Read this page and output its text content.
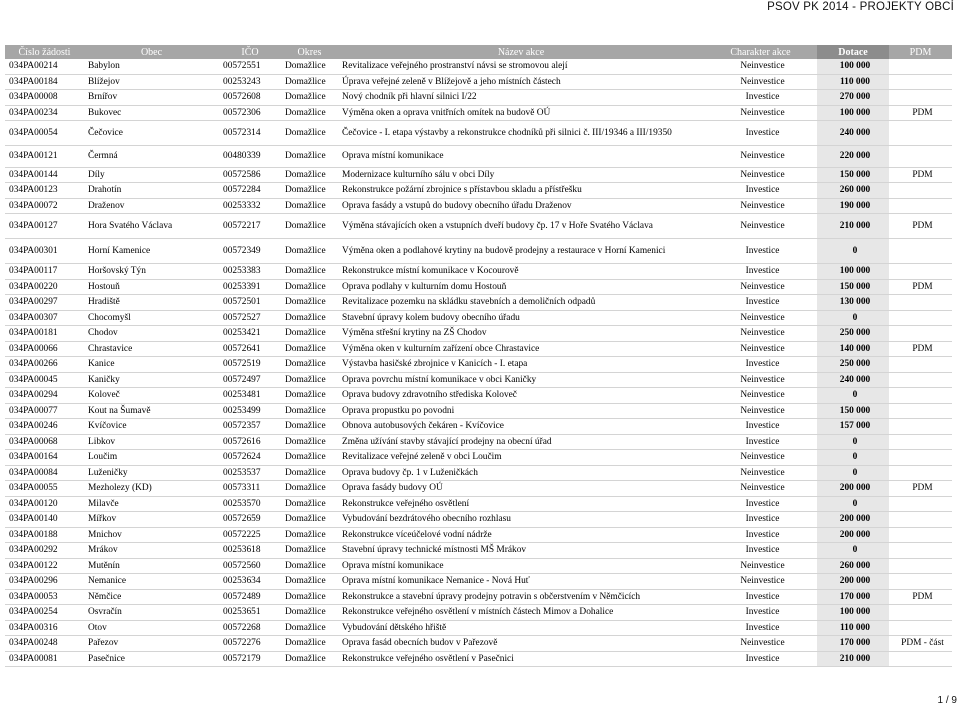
PSOV PK 2014 - PROJEKTY OBCÍ
Číslo žádosti	Obec	IČO	Okres	Název akce	Charakter akce	Dotace	PDM
034PA00214	Babylon	00572551	Domažlice	Revitalizace veřejného prostranství návsi se stromovou alejí	Neinvestice	100 000	
034PA00184	Blížejov	00253243	Domažlice	Úprava veřejné zeleně v Blížejově a jeho místních částech	Neinvestice	110 000	
034PA00008	Brnířov	00572608	Domažlice	Nový chodník při hlavní silnici I/22	Investice	270 000	
034PA00234	Bukovec	00572306	Domažlice	Výměna oken a oprava vnitřních omítek na budově OÚ	Neinvestice	100 000	PDM
034PA00054	Čečovice	00572314	Domažlice	Čečovice - I. etapa výstavby a rekonstrukce chodníků při silnici č. III/19346 a III/19350	Investice	240 000	
034PA00121	Čermná	00480339	Domažlice	Oprava místní komunikace	Neinvestice	220 000	
034PA00144	Díly	00572586	Domažlice	Modernizace kulturního sálu v obci Díly	Neinvestice	150 000	PDM
034PA00123	Drahotín	00572284	Domažlice	Rekonstrukce požární zbrojnice s přístavbou skladu a přístřešku	Investice	260 000	
034PA00072	Draženov	00253332	Domažlice	Oprava fasády a vstupů do budovy obecního úřadu Draženov	Neinvestice	190 000	
034PA00127	Hora Svatého Václava	00572217	Domažlice	Výměna stávajících oken a vstupních dveří budovy čp. 17 v Hoře Svatého Václava	Neinvestice	210 000	PDM
034PA00301	Horní Kamenice	00572349	Domažlice	Výměna oken a podlahové krytiny na budově prodejny a restaurace v Horní Kamenici	Investice	0	
034PA00117	Horšovský Týn	00253383	Domažlice	Rekonstrukce místní komunikace v Kocourově	Investice	100 000	
034PA00220	Hostouň	00253391	Domažlice	Oprava podlahy v kulturním domu Hostouň	Neinvestice	150 000	PDM
034PA00297	Hradiště	00572501	Domažlice	Revitalizace pozemku na skládku stavebních a demoličních odpadů	Investice	130 000	
034PA00307	Chocomyšl	00572527	Domažlice	Stavební úpravy kolem budovy obecního úřadu	Neinvestice	0	
034PA00181	Chodov	00253421	Domažlice	Výměna střešní krytiny na ZŠ Chodov	Neinvestice	250 000	
034PA00066	Chrastavice	00572641	Domažlice	Výměna oken v kulturním zařízení obce Chrastavice	Neinvestice	140 000	PDM
034PA00266	Kanice	00572519	Domažlice	Výstavba hasičské zbrojnice v Kanicích - I. etapa	Investice	250 000	
034PA00045	Kaničky	00572497	Domažlice	Oprava povrchu místní komunikace v obci Kaničky	Neinvestice	240 000	
034PA00294	Koloveč	00253481	Domažlice	Oprava budovy zdravotního střediska Koloveč	Neinvestice	0	
034PA00077	Kout na Šumavě	00253499	Domažlice	Oprava propustku po povodni	Neinvestice	150 000	
034PA00246	Kvíčovice	00572357	Domažlice	Obnova autobusových čekáren - Kvíčovice	Investice	157 000	
034PA00068	Libkov	00572616	Domažlice	Změna užívání stavby stávající prodejny na obecní úřad	Investice	0	
034PA00164	Loučim	00572624	Domažlice	Revitalizace veřejné zeleně v obci Loučim	Neinvestice	0	
034PA00084	Luženičky	00253537	Domažlice	Oprava budovy čp. 1 v Luženičkách	Neinvestice	0	
034PA00055	Mezholezy (KD)	00573311	Domažlice	Oprava fasády budovy OÚ	Neinvestice	200 000	PDM
034PA00120	Milavče	00253570	Domažlice	Rekonstrukce veřejného osvětlení	Investice	0	
034PA00140	Mířkov	00572659	Domažlice	Vybudování bezdrátového obecního rozhlasu	Investice	200 000	
034PA00188	Mnichov	00572225	Domažlice	Rekonstrukce víceúčelové vodní nádrže	Investice	200 000	
034PA00292	Mrákov	00253618	Domažlice	Stavební úpravy technické místnosti MŠ Mrákov	Investice	0	
034PA00122	Mutěnín	00572560	Domažlice	Oprava místní komunikace	Neinvestice	260 000	
034PA00296	Nemanice	00253634	Domažlice	Oprava místní komunikace Nemanice - Nová Huť	Neinvestice	200 000	
034PA00053	Němčice	00572489	Domažlice	Rekonstrukce a stavební úpravy prodejny potravin s občerstvením v Němčicích	Investice	170 000	PDM
034PA00254	Osvračín	00253651	Domažlice	Rekonstrukce veřejného osvětlení v místních částech Mimov a Dohalice	Investice	100 000	
034PA00316	Otov	00572268	Domažlice	Vybudování dětského hřiště	Investice	110 000	
034PA00248	Pařezov	00572276	Domažlice	Oprava fasád obecních budov v Pařezově	Neinvestice	170 000	PDM - část
034PA00081	Pasečnice	00572179	Domažlice	Rekonstrukce veřejného osvětlení v Pasečnici	Investice	210 000	
1 / 9
